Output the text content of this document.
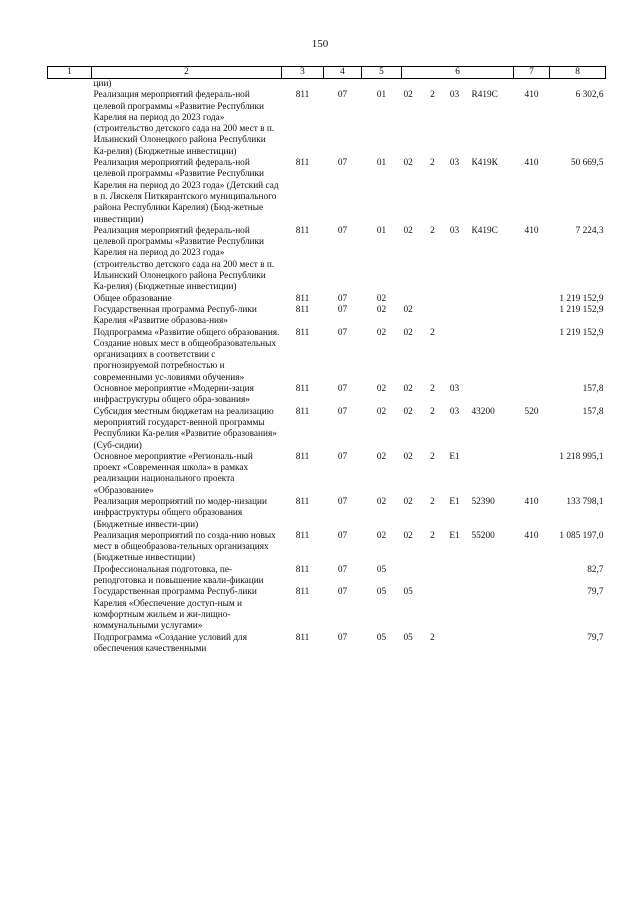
150
1	2	3	4	5	6				7	8
	ции)									
	Реализация мероприятий федераль-ной целевой программы «Развитие Республики Карелия на период до 2023 года» (строительство детского сада на 200 мест в п. Ильинский Олонецкого района Республики Ка-релия) (Бюджетные инвестиции)	811	07	01	02	2	03	R419С	410	6 302,6
	Реализация мероприятий федераль-ной целевой программы «Развитие Республики Карелия на период до 2023 года» (Детский сад в п. Ляскеля Питкярантского муниципального района Республики Карелия) (Бюд-жетные инвестиции)	811	07	01	02	2	03	К419К	410	50 669,5
	Реализация мероприятий федераль-ной целевой программы «Развитие Республики Карелия на период до 2023 года» (строительство детского сада на 200 мест в п. Ильинский Олонецкого района Республики Ка-релия) (Бюджетные инвестиции)	811	07	01	02	2	03	К419С	410	7 224,3
	Общее образование	811	07	02						1 219 152,9
	Государственная программа Респуб-лики Карелия «Развитие образова-ния»	811	07	02	02					1 219 152,9
	Подпрограмма «Развитие общего образования. Создание новых мест в общеобразовательных организациях в соответствии с прогнозируемой потребностью и современными ус-ловиями обучения»	811	07	02	02	2				1 219 152,9
	Основное мероприятие «Модерни-зация инфраструктуры общего обра-зования»	811	07	02	02	2	03			157,8
	Субсидия местным бюджетам на реализацию мероприятий государст-венной программы Республики Ка-релия «Развитие образования» (Суб-сидии)	811	07	02	02	2	03	43200	520	157,8
	Основное мероприятие «Региональ-ный проект «Современная школа» в рамках реализации национального проекта «Образование»	811	07	02	02	2	Е1			1 218 995,1
	Реализация мероприятий по модер-низации инфраструктуры общего образования (Бюджетные инвести-ции)	811	07	02	02	2	Е1	52390	410	133 798,1
	Реализация мероприятий по созда-нию новых мест в общеобразова-тельных организациях (Бюджетные инвестиции)	811	07	02	02	2	Е1	55200	410	1 085 197,0
	Профессиональная подготовка, пе-реподготовка и повышение квали-фикации	811	07	05						82,7
	Государственная программа Респуб-лики Карелия «Обеспечение доступ-ным и комфортным жильем и жи-лищно-коммунальными услугами»	811	07	05	05					79,7
	Подпрограмма «Создание условий для обеспечения качественными	811	07	05	05	2				79,7
